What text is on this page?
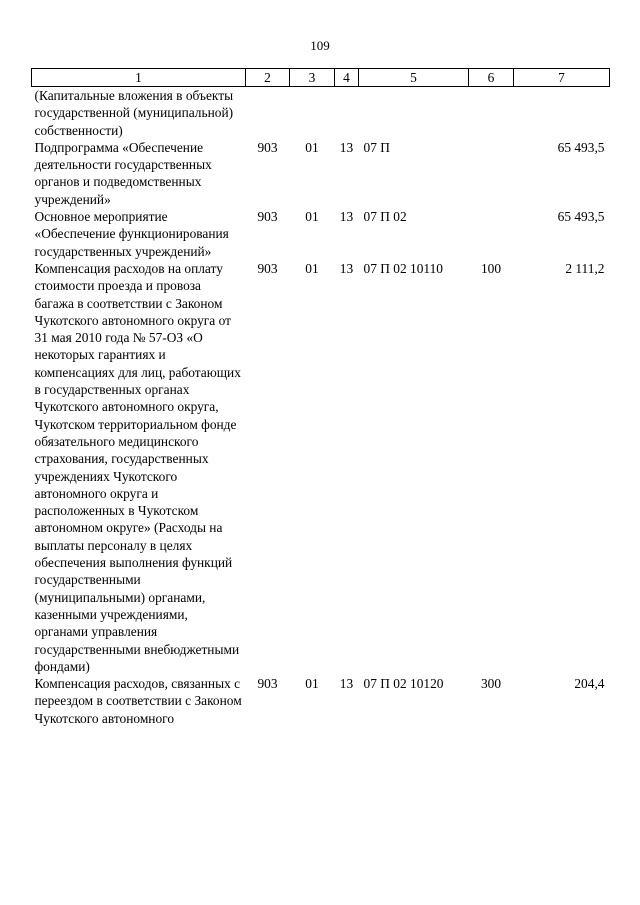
109
1	2	3	4	5	6	7
(Капитальные вложения в объекты государственной (муниципальной) собственности)						
Подпрограмма «Обеспечение деятельности государственных органов и подведомственных учреждений»	903	01	13	07 П		65 493,5
Основное мероприятие «Обеспечение функционирования государственных учреждений»	903	01	13	07 П 02		65 493,5
Компенсация расходов на оплату стоимости проезда и провоза багажа в соответствии с Законом Чукотского автономного округа от 31 мая 2010 года № 57-ОЗ «О некоторых гарантиях и компенсациях для лиц, работающих в государственных органах Чукотского автономного округа, Чукотском территориальном фонде обязательного медицинского страхования, государственных учреждениях Чукотского автономного округа и расположенных в Чукотском автономном округе» (Расходы на выплаты персоналу в целях обеспечения выполнения функций государственными (муниципальными) органами, казенными учреждениями, органами управления государственными внебюджетными фондами)	903	01	13	07 П 02 10110	100	2 111,2
Компенсация расходов, связанных с переездом в соответствии с Законом Чукотского автономного	903	01	13	07 П 02 10120	300	204,4
